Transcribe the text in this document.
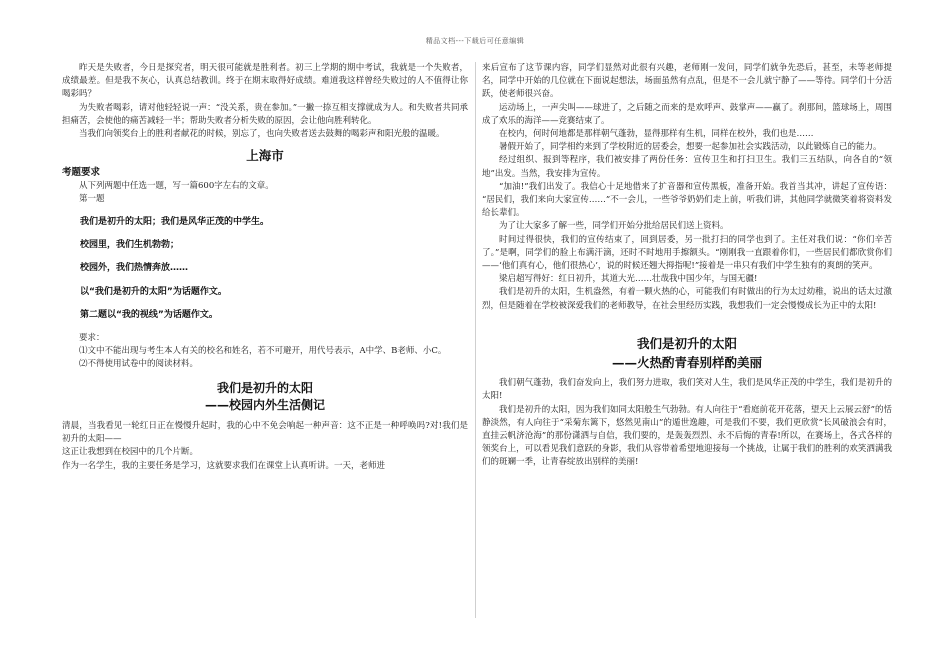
精品文档---下载后可任意编辑

昨天是失败者，今日是探究者，明天很可能就是胜利者。初三上学期的期中考试，我就是一个失败者，成绩最差。但是我不灰心，认真总结教训。终于在期末取得好成绩。难道我这样曾经失败过的人不值得让你喝彩吗？

为失败者喝彩，请对他轻轻说一声：“没关系，贵在参加。”一撇一捺互相支撑就成为人。和失败者共同承担痛苦，会使他的痛苦减轻一半；帮助失败者分析失败的原因，会让他向胜利转化。

当我们向领奖台上的胜利者献花的时候，别忘了，也向失败者送去鼓舞的喝彩声和阳光般的温暖。

上海市
考题要求

从下列两题中任选一题，写一篇600字左右的文章。

第一题

我们是初升的太阳；我们是风华正茂的中学生。
校园里，我们生机勃勃；
校园外，我们热情奔放……
以“我们是初升的太阳”为话题作文。
第二题以“我的视线”为话题作文。

要求：

⑴文中不能出现与考生本人有关的校名和姓名，若不可避开，用代号表示，A中学、B老师、小C。

⑵不得使用试卷中的阅读材料。

我们是初升的太阳
——校园内外生活侧记

清晨，当我看见一轮红日正在慢慢升起时，我的心中不免会响起一种声音：这不正是一种呼唤吗?对!我们是初升的太阳——

这正让我想到在校园中的几个片断。

作为一名学生，我的主要任务是学习，这就要求我们在课堂上认真听讲。一天，老师进

来后宣布了这节课内容，同学们显然对此很有兴趣，老师刚一发问，同学们就争先恐后，甚至，未等老师提名，同学中开始的几位就在下面说起想法，场面虽然有点乱，但是不一会儿就宁静了——等待。同学们十分活跃，使老师很兴奋。

运动场上，一声尖叫——球进了，之后随之而来的是欢呼声、鼓掌声——赢了。刹那间，篮球场上，周围成了欢乐的海洋——竞赛结束了。

在校内，何时何地都是那样朝气蓬勃，显得那样有生机，同样在校外，我们也是……

暑假开始了，同学相约来到了学校附近的居委会，想要一起参加社会实践活动，以此锻炼自己的能力。

经过组织、报到等程序，我们被安排了两份任务：宣传卫生和打扫卫生。我们三五结队，向各自的“领地”出发。当然，我安排为宣传。

“加油!”我们出发了。我信心十足地借来了扩音器和宣传黑板，准备开始。我首当其冲，讲起了宣传语： “居民们，我们来向大家宣传……”不一会儿，一些爷爷奶奶们走上前，听我们讲，其他同学就微笑着将资料发给长辈们。

为了让大家多了解一些，同学们开始分批给居民们送上资料。

时间过得很快，我们的宣传结束了，回到居委，另一批打扫的同学也到了。主任对我们说：“你们辛苦了。”是啊，同学们的脸上布满汗滴，还时不时地用手擦额头。“刚刚我一直跟着你们，一些居民们都欣赏你们——‘他们真有心，他们很热心’，说的时候还翘大拇指呢!”接着是一串只有我们中学生独有的爽朗的笑声。

梁启超写得好：红日初升，其道大光……壮哉我中国少年，与国无疆!

我们是初升的太阳，生机盎然，有着一颗火热的心，可能我们有时做出的行为太过幼稚，说出的话太过激烈，但是随着在学校被深爱我们的老师教导，在社会里经历实践，我想我们一定会慢慢成长为正中的太阳!

我们是初升的太阳
——火热酌青春别样酌美丽

我们朝气蓬勃，我们奋发向上，我们努力进取，我们笑对人生，我们是风华正茂的中学生，我们是初升的太阳!

我们是初升的太阳，因为我们如同太阳般生气勃勃。有人向往于“看庭前花开花落，望天上云展云舒”的恬静淡然，有人向往于“采菊东篱下，悠然见南山”的遁世逸趣，可是我们不要，我们更欣赏“长风破浪会有时，直挂云帆济沧海”的那份潇洒与自信，我们要的，是轰轰烈烈、永不后悔的青春!所以，在赛场上，各式各样的领奖台上，可以看见我们意跃的身影，我们从容带着希望地迎接每一个挑战，让属于我们的胜利的欢笑洒满我们的斑斓一季，让青春绽放出别样的美丽!
